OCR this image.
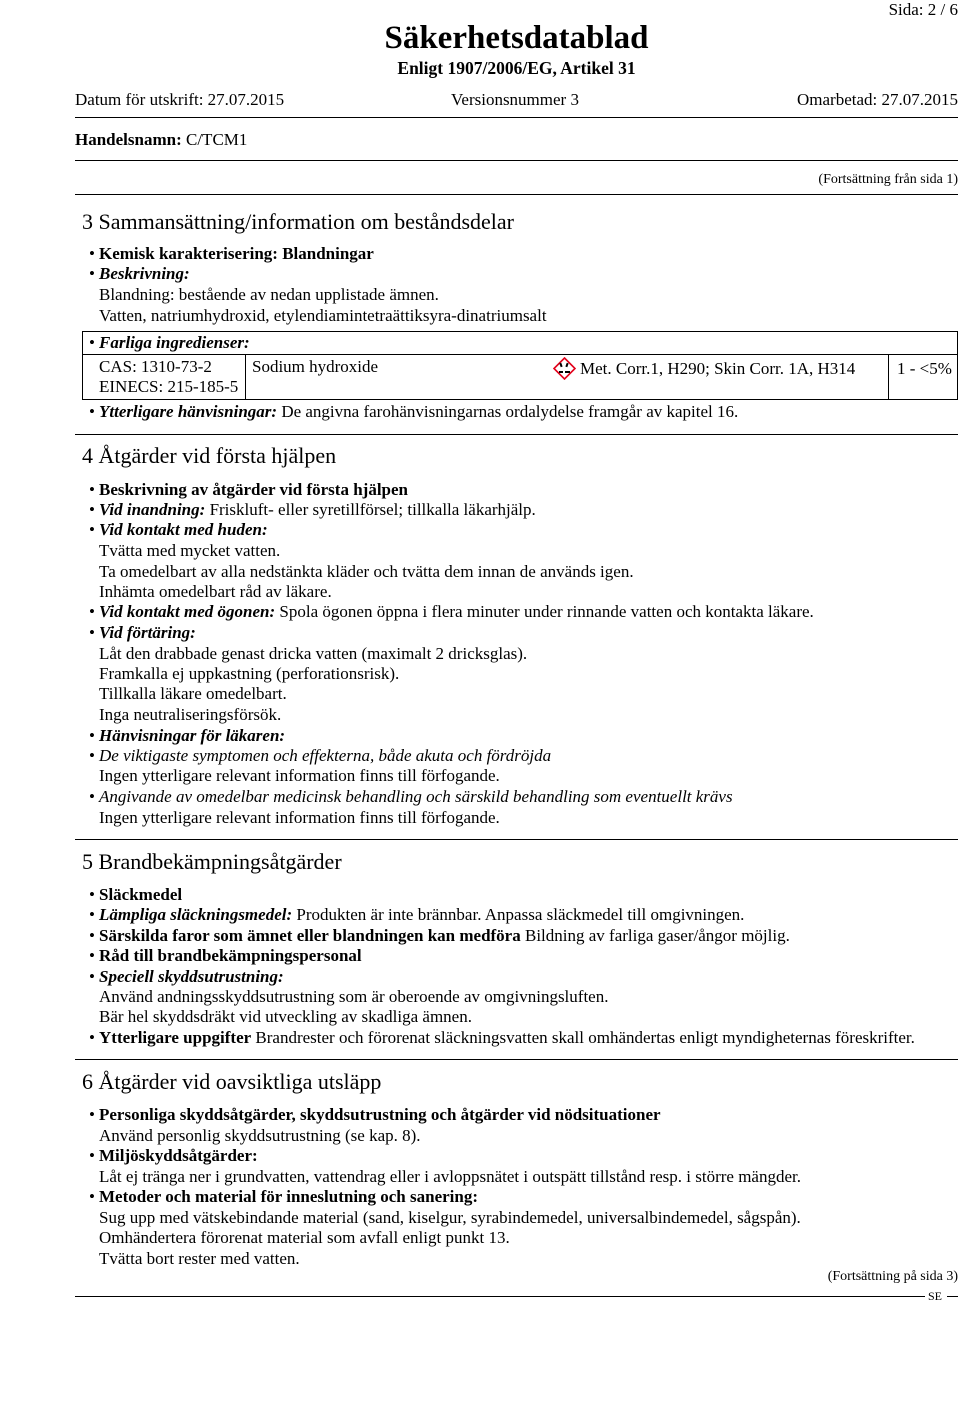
Sida: 2 / 6
Säkerhetsdatablad
Enligt 1907/2006/EG, Artikel 31
Datum för utskrift: 27.07.2015	Versionsnummer 3	Omarbetad: 27.07.2015
Handelsnamn: C/TCM1
(Fortsättning från sida 1)
3 Sammansättning/information om beståndsdelar
• Kemisk karakterisering: Blandningar
• Beskrivning:
Blandning: bestående av nedan upplistade ämnen.
Vatten, natriumhydroxid, etylendiamintetraättiksyra-dinatriumsalt
• Farliga ingredienser:
CAS: 1310-73-2
EINECS: 215-185-5
Sodium hydroxide	Met. Corr.1, H290; Skin Corr. 1A, H314 1 - <5%
• Ytterligare hänvisningar: De angivna farohänvisningarnas ordalydelse framgår av kapitel 16.
4 Åtgärder vid första hjälpen
• Beskrivning av åtgärder vid första hjälpen
• Vid inandning: Friskluft- eller syretillförsel; tillkalla läkarhjälp.
• Vid kontakt med huden:
Tvätta med mycket vatten.
Ta omedelbart av alla nedstänkta kläder och tvätta dem innan de används igen.
Inhämta omedelbart råd av läkare.
• Vid kontakt med ögonen: Spola ögonen öppna i flera minuter under rinnande vatten och kontakta läkare.
• Vid förtäring:
Låt den drabbade genast dricka vatten (maximalt 2 dricksglas).
Framkalla ej uppkastning (perforationsrisk).
Tillkalla läkare omedelbart.
Inga neutraliseringsförsök.
• Hänvisningar för läkaren:
• De viktigaste symptomen och effekterna, både akuta och fördröjda
Ingen ytterligare relevant information finns till förfogande.
• Angivande av omedelbar medicinsk behandling och särskild behandling som eventuellt krävs
Ingen ytterligare relevant information finns till förfogande.
5 Brandbekämpningsåtgärder
• Släckmedel
• Lämpliga släckningsmedel: Produkten är inte brännbar. Anpassa släckmedel till omgivningen.
• Särskilda faror som ämnet eller blandningen kan medföra Bildning av farliga gaser/ångor möjlig.
• Råd till brandbekämpningspersonal
• Speciell skyddsutrustning:
Använd andningsskyddsutrustning som är oberoende av omgivningsluften.
Bär hel skyddsdräkt vid utveckling av skadliga ämnen.
• Ytterligare uppgifter Brandrester och förorenat släckningsvatten skall omhändertas enligt myndigheternas föreskrifter.
6 Åtgärder vid oavsiktliga utsläpp
• Personliga skyddsåtgärder, skyddsutrustning och åtgärder vid nödsituationer
Använd personlig skyddsutrustning (se kap. 8).
• Miljöskyddsåtgärder:
Låt ej tränga ner i grundvatten, vattendrag eller i avloppsnätet i outspätt tillstånd resp. i större mängder.
• Metoder och material för inneslutning och sanering:
Sug upp med vätskebindande material (sand, kiselgur, syrabindemedel, universalbindemedel, sågspån).
Omhändertera förorenat material som avfall enligt punkt 13.
Tvätta bort rester med vatten.
(Fortsättning på sida 3)
SE
